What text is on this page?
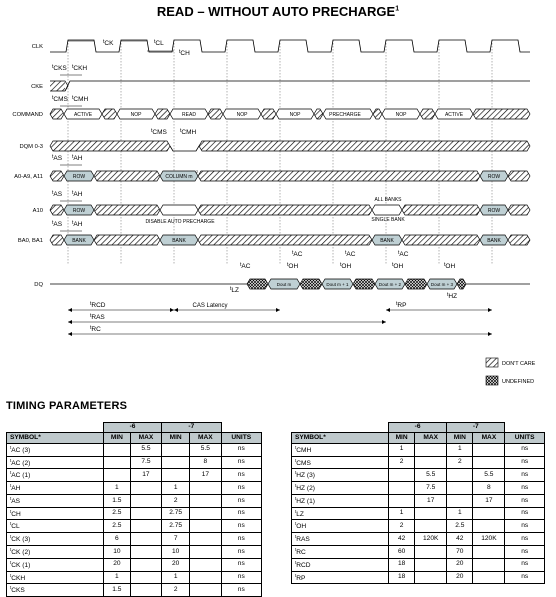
READ – WITHOUT AUTO PRECHARGE$^1$
CLK
CKE
COMMAND
DQM 0-3
A0-A9, A11
A10
BA0, BA1
DQ
ACTIVE	NOP	READ	NOP	NOP	PRECHARGE	NOP	ACTIVE
ROW	COLUMN m	ROW
2
ROW	ROW
DISABLE AUTO PRECHARGE
ALL BANKS
SINGLE BANK
BANK	BANK	BANK	BANK
Dout m	Dout m + 1	Dout m + 2	Dout m + 3
$^t$CK	$^t$CL
$^t$CH
$^t$CKS $^t$CKH
$^t$CMS $^t$CMH
$^t$CMS	$^t$CMH
$^t$AS $^t$AH
$^t$AS $^t$AH
$^t$AS $^t$AH
$^t$AC	$^t$OH
$^t$AC
$^t$OH
$^t$AC
$^t$OH
$^t$AC
$^t$OH
$^t$LZ
$^t$HZ
$^t$RCD	CAS Latency	$^t$RP
$^t$RAS
$^t$RC
DON'T CARE
UNDEFINED
TIMING PARAMETERS
	-6		-7		
SYMBOL*	MIN	MAX	MIN	MAX	UNITS
$^t$AC (3)		5.5		5.5	ns
$^t$AC (2)		7.5		8	ns
$^t$AC (1)		17		17	ns
$^t$AH	1		1		ns
$^t$AS	1.5		2		ns
$^t$CH	2.5		2.75		ns
$^t$CL	2.5		2.75		ns
$^t$CK (3)	6		7		ns
$^t$CK (2)	10		10		ns
$^t$CK (1)	20		20		ns
$^t$CKH	1		1		ns
$^t$CKS	1.5		2		ns
	-6		-7		
SYMBOL*	MIN	MAX	MIN	MAX	UNITS
$^t$CMH	1		1		ns
$^t$CMS	2		2		ns
$^t$HZ (3)		5.5		5.5	ns
$^t$HZ (2)		7.5		8	ns
$^t$HZ (1)		17		17	ns
$^t$LZ	1		1		ns
$^t$OH	2		2.5		ns
$^t$RAS	42	120K	42	120K	ns
$^t$RC	60		70		ns
$^t$RCD	18		20		ns
$^t$RP	18		20		ns
